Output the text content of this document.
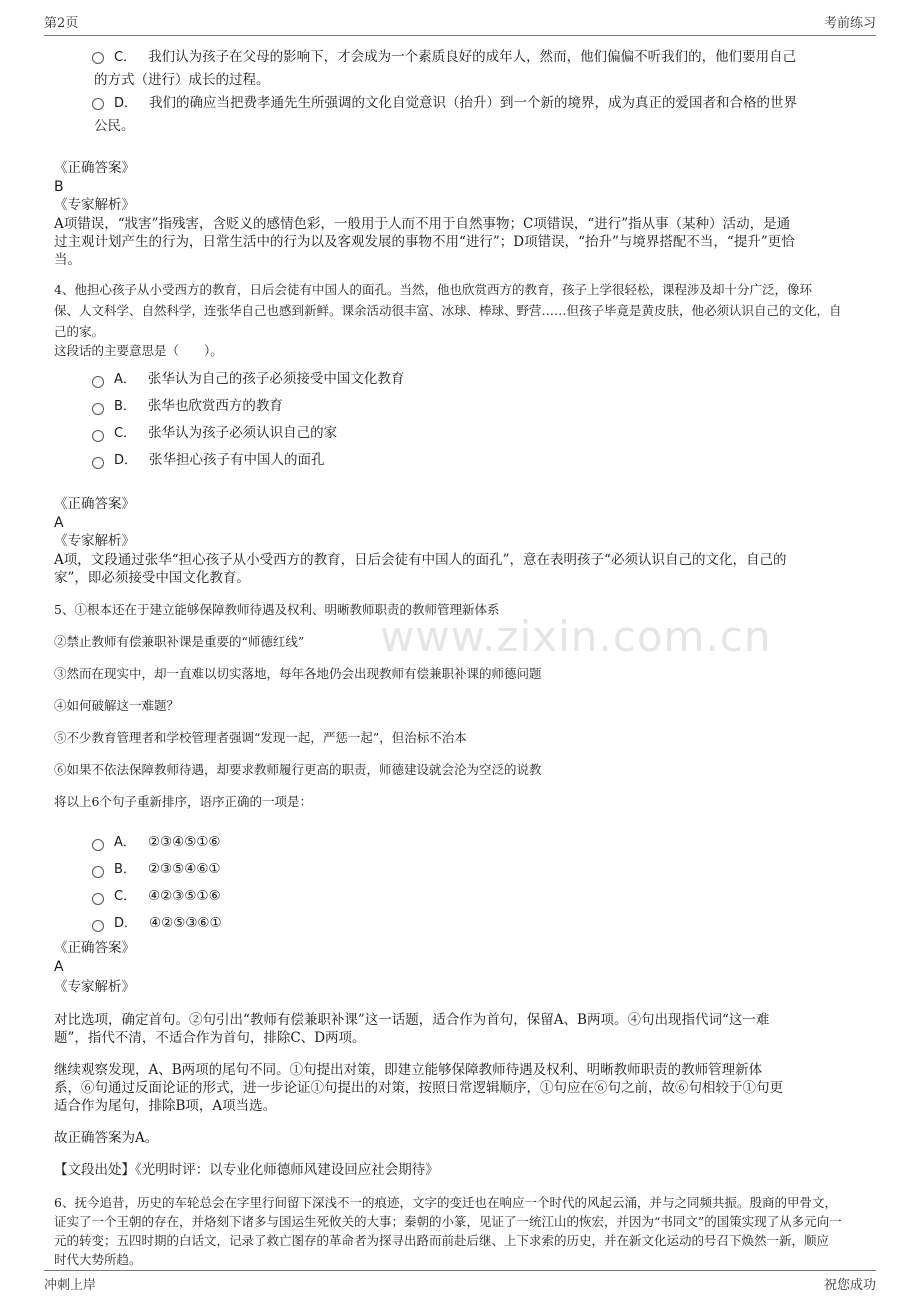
第2页	考前练习
www.zixin.com.cn
C． 我们认为孩子在父母的影响下，才会成为一个素质良好的成年人，然而，他们偏偏不听我们的，他们要用自己
的方式（进行）成长的过程。
D． 我们的确应当把费孝通先生所强调的文化自觉意识（抬升）到一个新的境界，成为真正的爱国者和合格的世界
公民。
《正确答案》
B
《专家解析》
A项错误，“戕害”指残害，含贬义的感情色彩，一般用于人而不用于自然事物；C项错误，“进行”指从事（某种）活动，是通
过主观计划产生的行为，日常生活中的行为以及客观发展的事物不用“进行”；D项错误，“抬升”与境界搭配不当，“提升”更恰
当。
4、他担心孩子从小受西方的教育，日后会徒有中国人的面孔。当然，他也欣赏西方的教育，孩子上学很轻松，课程涉及却十分广泛，像环
保、人文科学、自然科学，连张华自己也感到新鲜。课余活动很丰富、冰球、棒球、野营……但孩子毕竟是黄皮肤，他必须认识自己的文化，自
己的家。
这段话的主要意思是（　　）。
A． 张华认为自己的孩子必须接受中国文化教育
B． 张华也欣赏西方的教育
C． 张华认为孩子必须认识自己的家
D． 张华担心孩子有中国人的面孔
《正确答案》
A
《专家解析》
A项，文段通过张华“担心孩子从小受西方的教育，日后会徒有中国人的面孔”，意在表明孩子“必须认识自己的文化，自己的
家”，即必须接受中国文化教育。
5、①根本还在于建立能够保障教师待遇及权利、明晰教师职责的教师管理新体系
②禁止教师有偿兼职补课是重要的“师德红线”
③然而在现实中，却一直难以切实落地，每年各地仍会出现教师有偿兼职补课的师德问题
④如何破解这一难题？
⑤不少教育管理者和学校管理者强调“发现一起，严惩一起”，但治标不治本
⑥如果不依法保障教师待遇，却要求教师履行更高的职责，师德建设就会沦为空泛的说教
将以上6个句子重新排序，语序正确的一项是：
A． ②③④⑤①⑥
B． ②③⑤④⑥①
C． ④②③⑤①⑥
D． ④②⑤③⑥①
《正确答案》
A
《专家解析》
对比选项，确定首句。②句引出“教师有偿兼职补课”这一话题，适合作为首句，保留A、B两项。④句出现指代词“这一难
题”，指代不清，不适合作为首句，排除C、D两项。
继续观察发现，A、B两项的尾句不同。①句提出对策，即建立能够保障教师待遇及权利、明晰教师职责的教师管理新体
系，⑥句通过反面论证的形式，进一步论证①句提出的对策，按照日常逻辑顺序，①句应在⑥句之前，故⑥句相较于①句更
适合作为尾句，排除B项，A项当选。
故正确答案为A。
【文段出处】《光明时评：以专业化师德师风建设回应社会期待》
6、抚今追昔，历史的车轮总会在字里行间留下深浅不一的痕迹，文字的变迁也在响应一个时代的风起云涌，并与之同频共振。殷商的甲骨文，
证实了一个王朝的存在，并烙刻下诸多与国运生死攸关的大事；秦朝的小篆，见证了一统江山的恢宏，并因为“书同文”的国策实现了从多元向一
元的转变；五四时期的白话文，记录了救亡图存的革命者为探寻出路而前赴后继、上下求索的历史，并在新文化运动的号召下焕然一新，顺应
时代大势所趋。
冲刺上岸	祝您成功
